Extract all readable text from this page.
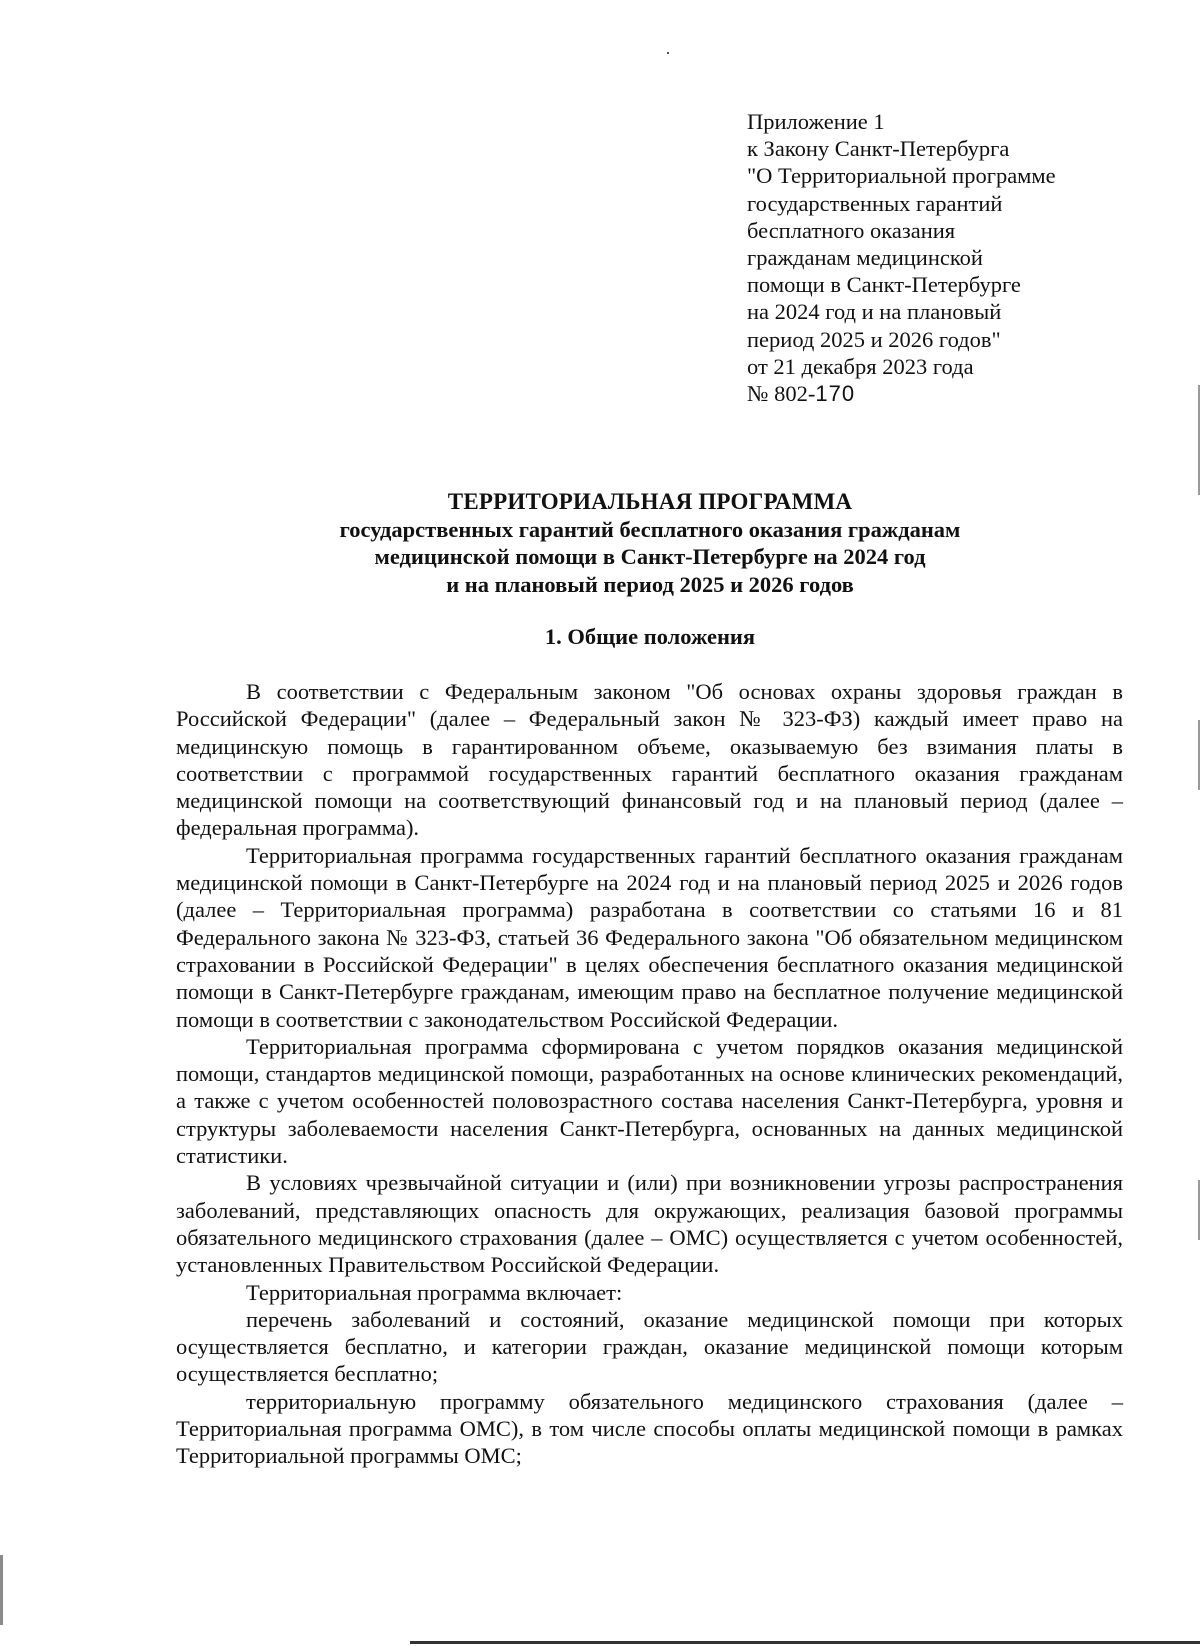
Приложение 1
к Закону Санкт-Петербурга
"О Территориальной программе
государственных гарантий
бесплатного оказания
гражданам медицинской
помощи в Санкт-Петербурге
на 2024 год и на плановый
период 2025 и 2026 годов"
от 21 декабря 2023 года
№ 802-170
ТЕРРИТОРИАЛЬНАЯ ПРОГРАММА
государственных гарантий бесплатного оказания гражданам
медицинской помощи в Санкт-Петербурге на 2024 год
и на плановый период 2025 и 2026 годов
1. Общие положения

В соответствии с Федеральным законом "Об основах охраны здоровья граждан в Российской Федерации" (далее – Федеральный закон № 323-ФЗ) каждый имеет право на медицинскую помощь в гарантированном объеме, оказываемую без взимания платы в соответствии с программой государственных гарантий бесплатного оказания гражданам медицинской помощи на соответствующий финансовый год и на плановый период (далее – федеральная программа).

Территориальная программа государственных гарантий бесплатного оказания гражданам медицинской помощи в Санкт-Петербурге на 2024 год и на плановый период 2025 и 2026 годов (далее – Территориальная программа) разработана в соответствии со статьями 16 и 81 Федерального закона № 323-ФЗ, статьей 36 Федерального закона "Об обязательном медицинском страховании в Российской Федерации" в целях обеспечения бесплатного оказания медицинской помощи в Санкт-Петербурге гражданам, имеющим право на бесплатное получение медицинской помощи в соответствии с законодательством Российской Федерации.

Территориальная программа сформирована с учетом порядков оказания медицинской помощи, стандартов медицинской помощи, разработанных на основе клинических рекомендаций, а также с учетом особенностей половозрастного состава населения Санкт-Петербурга, уровня и структуры заболеваемости населения Санкт-Петербурга, основанных на данных медицинской статистики.

В условиях чрезвычайной ситуации и (или) при возникновении угрозы распространения заболеваний, представляющих опасность для окружающих, реализация базовой программы обязательного медицинского страхования (далее – ОМС) осуществляется с учетом особенностей, установленных Правительством Российской Федерации.

Территориальная программа включает:

перечень заболеваний и состояний, оказание медицинской помощи при которых осуществляется бесплатно, и категории граждан, оказание медицинской помощи которым осуществляется бесплатно;

территориальную программу обязательного медицинского страхования (далее – Территориальная программа ОМС), в том числе способы оплаты медицинской помощи в рамках Территориальной программы ОМС;
